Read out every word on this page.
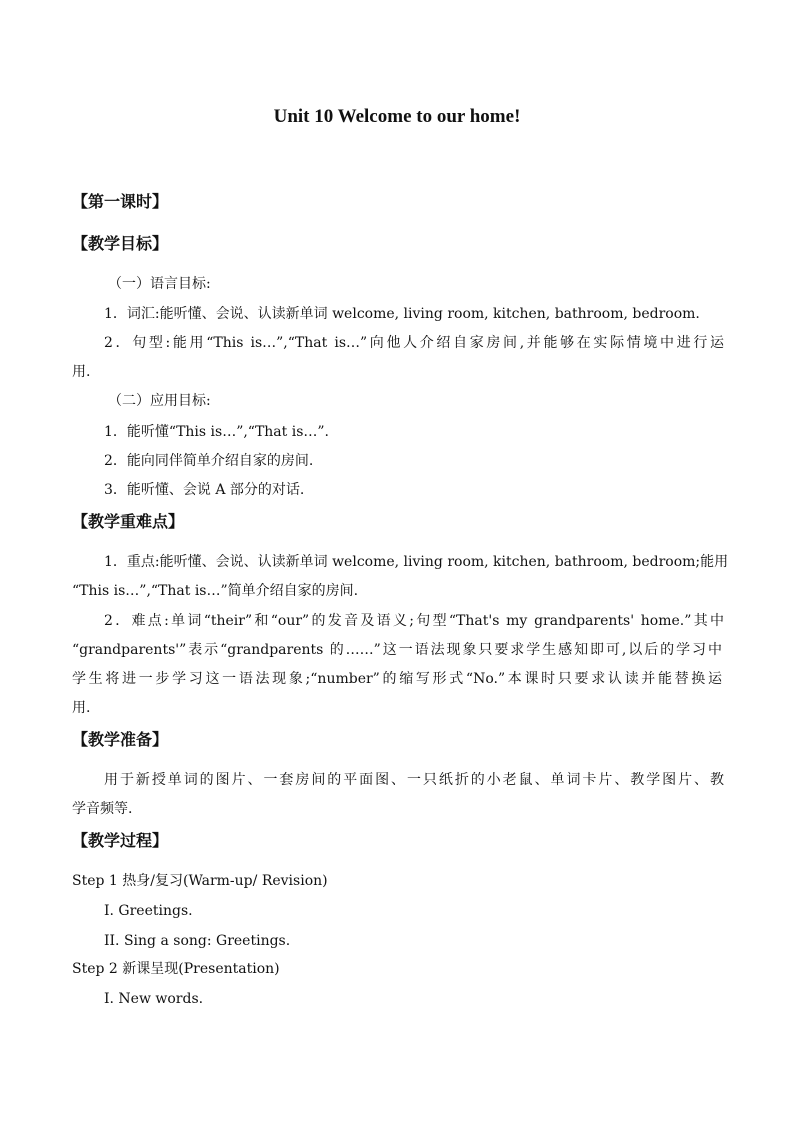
Unit 10 Welcome to our home!
【第一课时】
【教学目标】
（一）语言目标:
1．词汇:能听懂、会说、认读新单词 welcome, living room, kitchen, bathroom, bedroom.
2．句型:能用“This is…”,“That is…”向他人介绍自家房间,并能够在实际情境中进行运
用.
（二）应用目标:
1．能听懂“This is…”,“That is…”.
2．能向同伴简单介绍自家的房间.
3．能听懂、会说 A 部分的对话.
【教学重难点】
1．重点:能听懂、会说、认读新单词 welcome, living room, kitchen, bathroom, bedroom;能用
“This is…”,“That is…”简单介绍自家的房间.
2．难点:单词“their”和“our”的发音及语义;句型“That's my grandparents' home.”其中
“grandparents'”表示“grandparents 的……”这一语法现象只要求学生感知即可,以后的学习中
学生将进一步学习这一语法现象;“number”的缩写形式“No.”本课时只要求认读并能替换运
用.
【教学准备】
用于新授单词的图片、一套房间的平面图、一只纸折的小老鼠、单词卡片、教学图片、教
学音频等.
【教学过程】
Step 1 热身/复习(Warm-up/ Revision)
I. Greetings.
II. Sing a song: Greetings.
Step 2 新课呈现(Presentation)
I. New words.
